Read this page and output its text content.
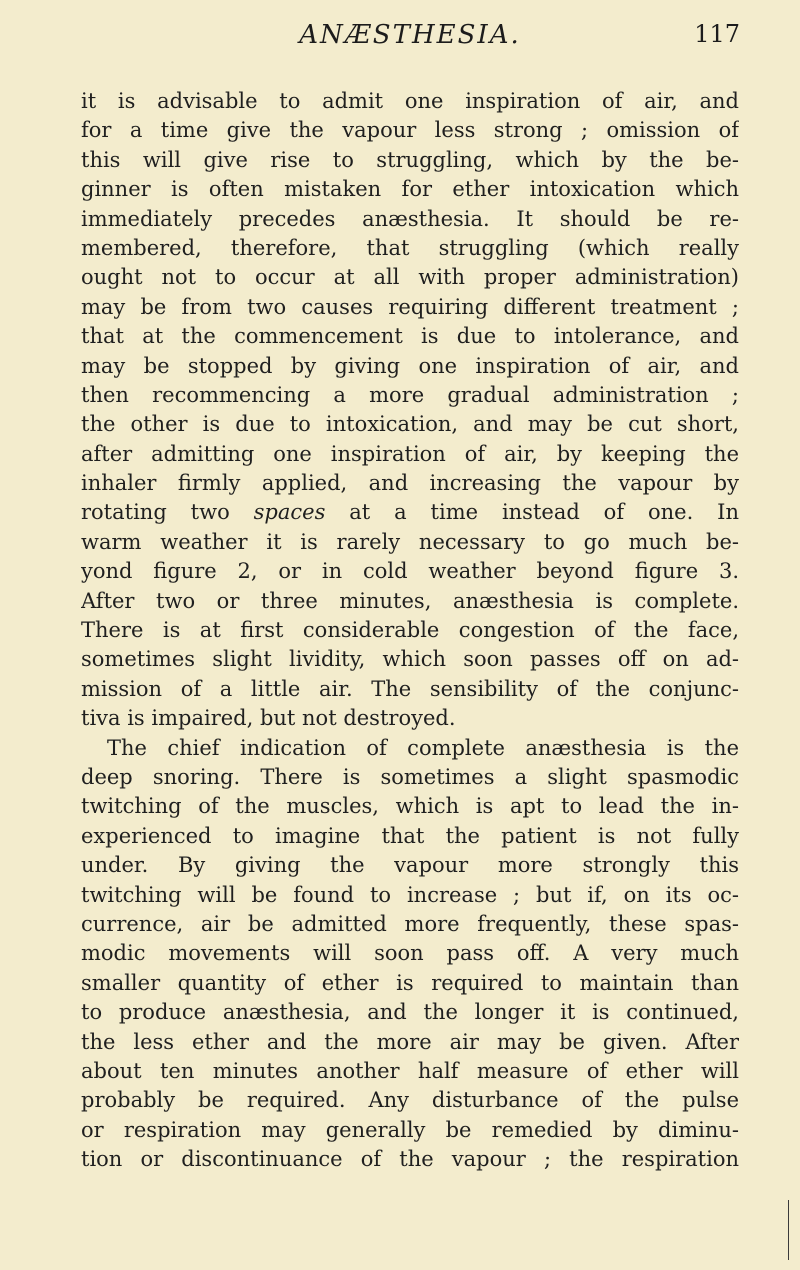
ANÆSTHESIA.	117
it is advisable to admit one inspiration of air, and
for a time give the vapour less strong ; omission of
this will give rise to struggling, which by the be-
ginner is often mistaken for ether intoxication which
immediately precedes anæsthesia. It should be re-
membered, therefore, that struggling (which really
ought not to occur at all with proper administration)
may be from two causes requiring different treatment ;
that at the commencement is due to intolerance, and
may be stopped by giving one inspiration of air, and
then recommencing a more gradual administration ;
the other is due to intoxication, and may be cut short,
after admitting one inspiration of air, by keeping the
inhaler firmly applied, and increasing the vapour by
rotating two spaces at a time instead of one. In
warm weather it is rarely necessary to go much be-
yond figure 2, or in cold weather beyond figure 3.
After two or three minutes, anæsthesia is complete.
There is at first considerable congestion of the face,
sometimes slight lividity, which soon passes off on ad-
mission of a little air. The sensibility of the conjunc-
tiva is impaired, but not destroyed.
The chief indication of complete anæsthesia is the
deep snoring. There is sometimes a slight spasmodic
twitching of the muscles, which is apt to lead the in-
experienced to imagine that the patient is not fully
under. By giving the vapour more strongly this
twitching will be found to increase ; but if, on its oc-
currence, air be admitted more frequently, these spas-
modic movements will soon pass off. A very much
smaller quantity of ether is required to maintain than
to produce anæsthesia, and the longer it is continued,
the less ether and the more air may be given. After
about ten minutes another half measure of ether will
probably be required. Any disturbance of the pulse
or respiration may generally be remedied by diminu-
tion or discontinuance of the vapour ; the respiration
